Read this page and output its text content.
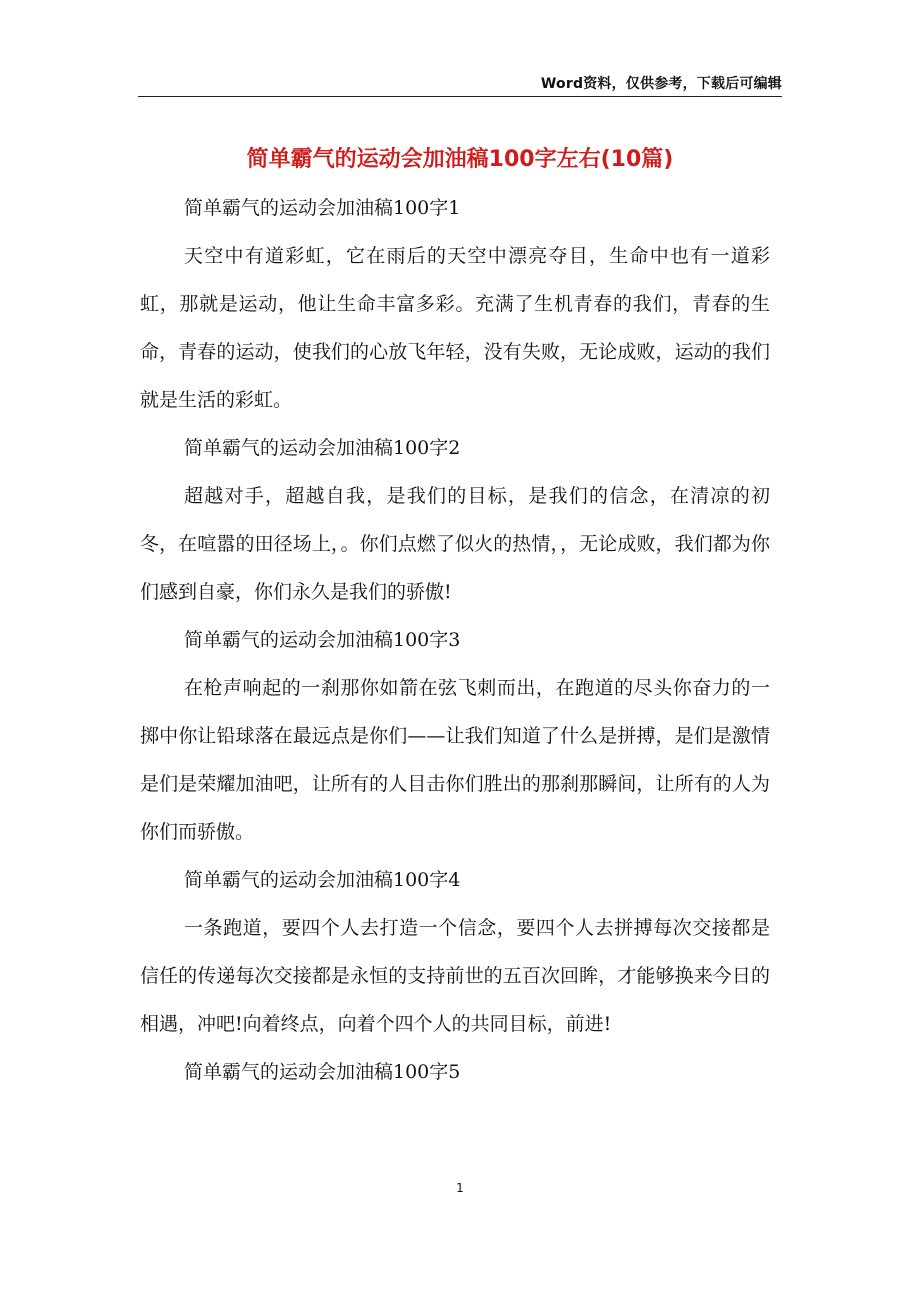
Word资料，仅供参考，下载后可编辑
简单霸气的运动会加油稿100字左右(10篇)

简单霸气的运动会加油稿100字1

天空中有道彩虹，它在雨后的天空中漂亮夺目，生命中也有一道彩虹，那就是运动，他让生命丰富多彩。充满了生机青春的我们，青春的生命，青春的运动，使我们的心放飞年轻，没有失败，无论成败，运动的我们就是生活的彩虹。

简单霸气的运动会加油稿100字2

超越对手，超越自我，是我们的目标，是我们的信念，在清凉的初冬，在喧嚣的田径场上，。你们点燃了似火的热情，，无论成败，我们都为你们感到自豪，你们永久是我们的骄傲!

简单霸气的运动会加油稿100字3

在枪声响起的一刹那你如箭在弦飞刺而出，在跑道的尽头你奋力的一掷中你让铅球落在最远点是你们——让我们知道了什么是拼搏，是们是激情是们是荣耀加油吧，让所有的人目击你们胜出的那刹那瞬间，让所有的人为你们而骄傲。

简单霸气的运动会加油稿100字4

一条跑道，要四个人去打造一个信念，要四个人去拼搏每次交接都是信任的传递每次交接都是永恒的支持前世的五百次回眸，才能够换来今日的相遇，冲吧!向着终点，向着个四个人的共同目标，前进!

简单霸气的运动会加油稿100字5

1
